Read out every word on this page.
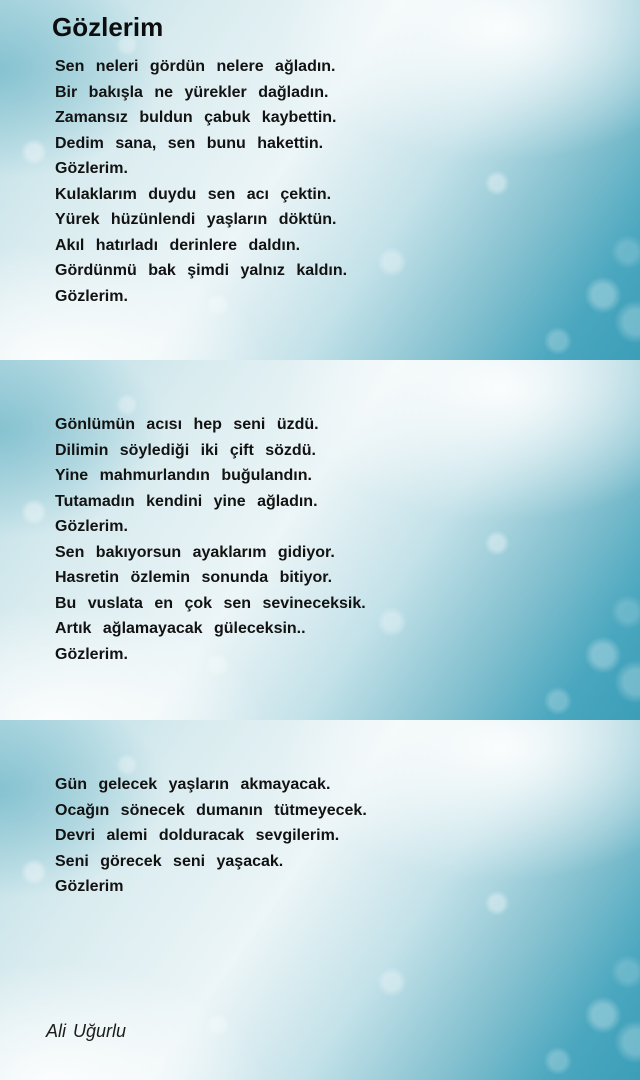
Gözlerim
Sen neleri gördün nelere ağladın.
Bir bakışla ne yürekler dağladın.
Zamansız buldun çabuk kaybettin.
Dedim sana, sen bunu hakettin.
Gözlerim.
Kulaklarım duydu sen acı çektin.
Yürek hüzünlendi yaşların döktün.
Akıl hatırladı derinlere daldın.
Gördünmü bak şimdi yalnız kaldın.
Gözlerim.
Gönlümün acısı hep seni üzdü.
Dilimin söylediği iki çift sözdü.
Yine mahmurlandın buğulandın.
Tutamadın kendini yine ağladın.
Gözlerim.
Sen bakıyorsun ayaklarım gidiyor.
Hasretin özlemin sonunda bitiyor.
Bu vuslata en çok sen sevineceksik.
Artık ağlamayacak güleceksin..
Gözlerim.
Gün gelecek yaşların akmayacak.
Ocağın sönecek dumanın tütmeyecek.
Devri alemi dolduracak sevgilerim.
Seni görecek seni yaşacak.
Gözlerim
Ali Uğurlu
